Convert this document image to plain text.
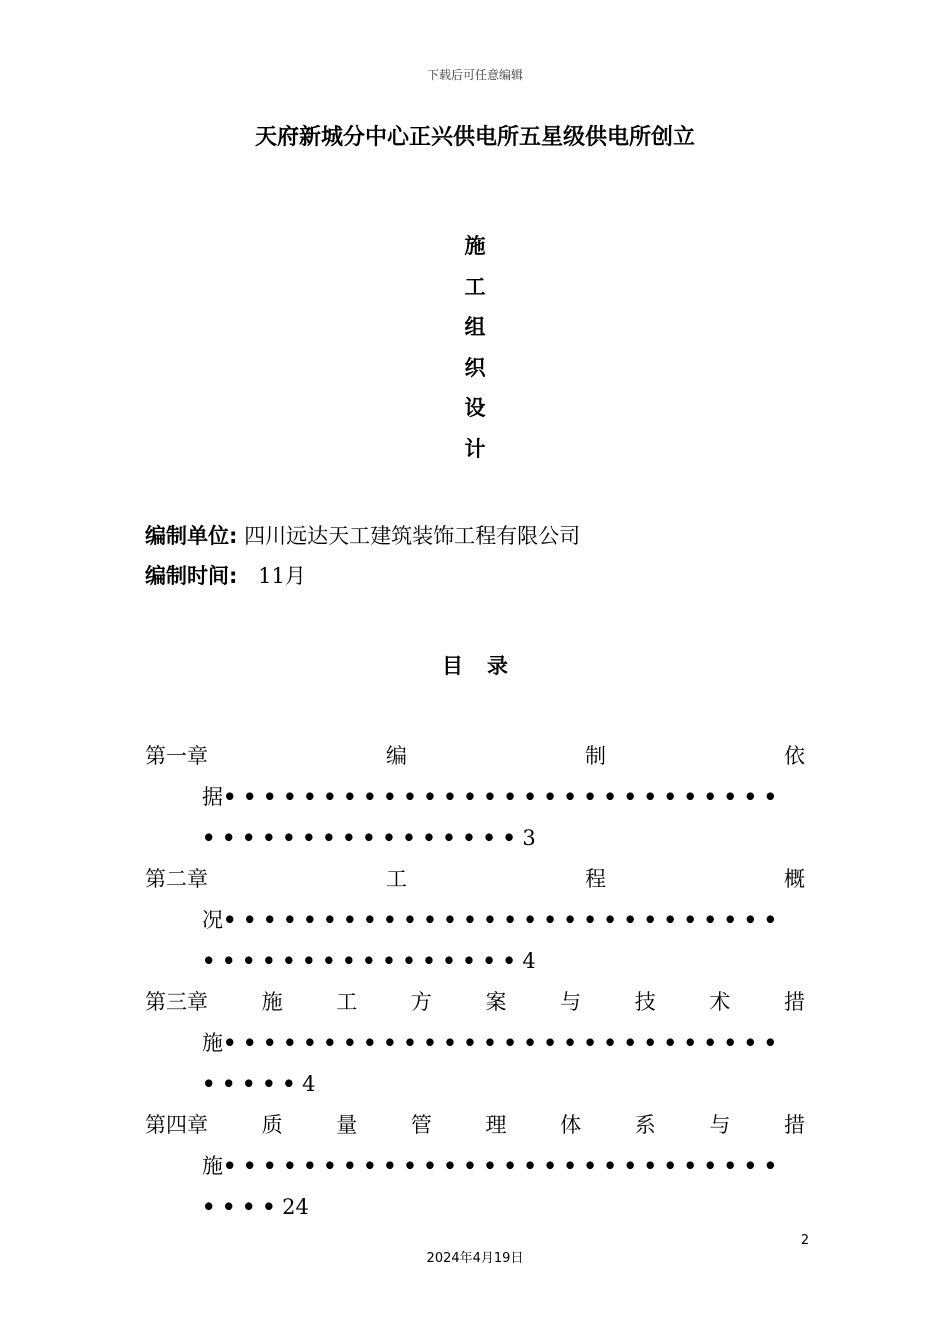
下载后可任意编辑
天府新城分中心正兴供电所五星级供电所创立
施
工
组
织
设
计
编制单位: 四川远达天工建筑装饰工程有限公司
编制时间: 11月
目录
第一章	编	制	依
据••••••••••••••••••••••••••••
••••••••••••••••3
第二章	工	程	概
况••••••••••••••••••••••••••••
••••••••••••••••4
第三章	施	工	方	案	与	技	术	措
施••••••••••••••••••••••••••••
•••••4
第四章	质	量	管	理	体	系	与	措
施••••••••••••••••••••••••••••
••••24
2
2024年4月19日
